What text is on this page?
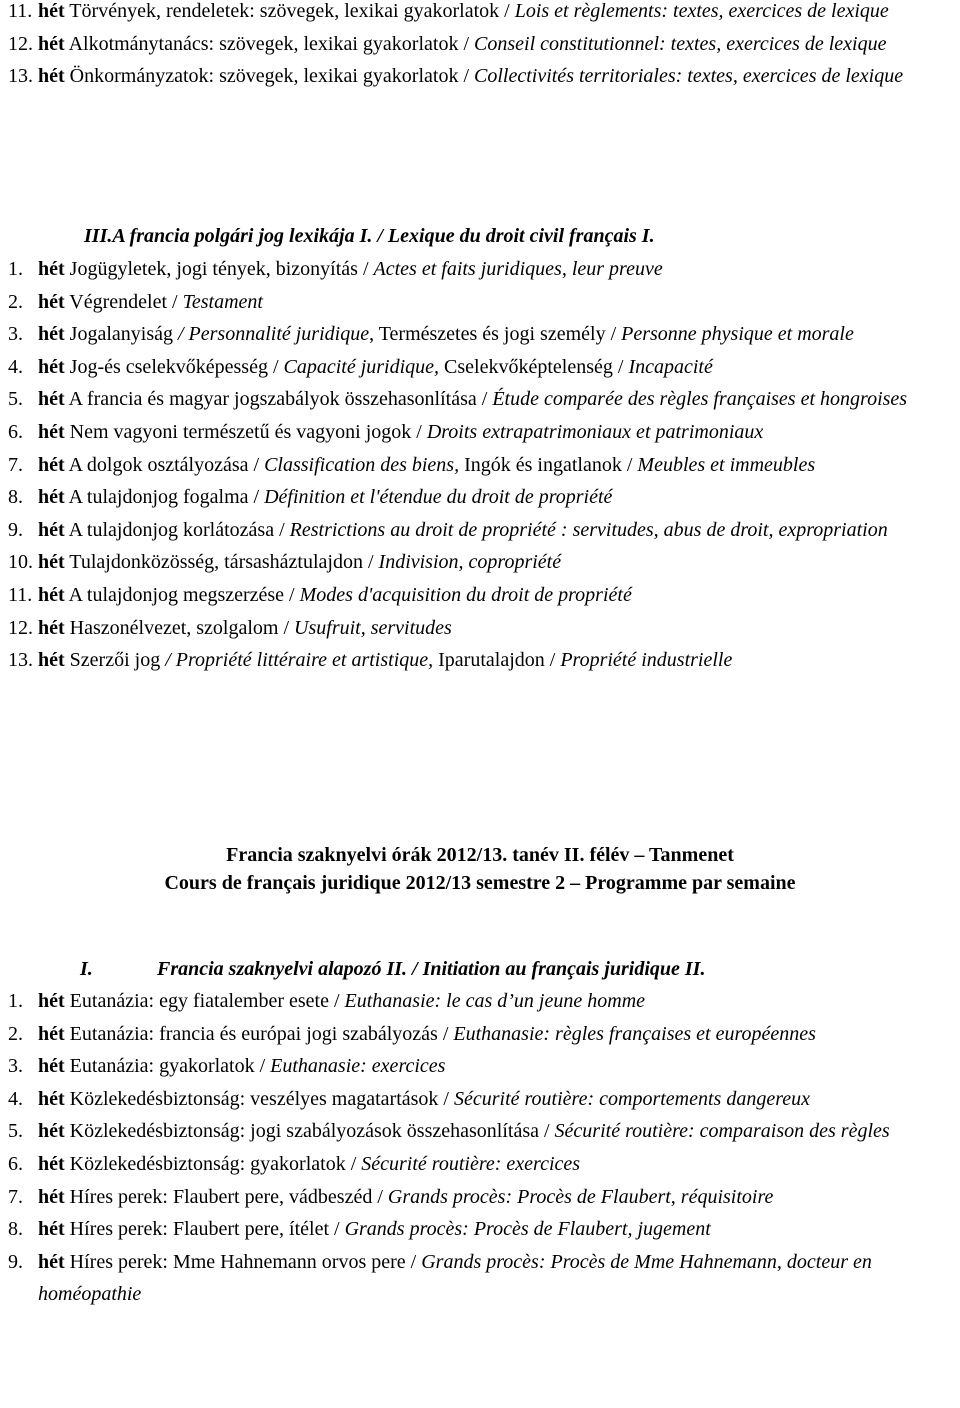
11. hét Törvények, rendeletek: szövegek, lexikai gyakorlatok / Lois et règlements: textes, exercices de lexique
12. hét Alkotmánytanács: szövegek, lexikai gyakorlatok / Conseil constitutionnel: textes, exercices de lexique
13. hét Önkormányzatok: szövegek, lexikai gyakorlatok / Collectivités territoriales: textes, exercices de lexique
III.A francia polgári jog lexikája I. / Lexique du droit civil français I.
1. hét Jogügyletek, jogi tények, bizonyítás / Actes et faits juridiques, leur preuve
2. hét Végrendelet / Testament
3. hét Jogalanyiság / Personnalité juridique, Természetes és jogi személy / Personne physique et morale
4. hét Jog-és cselekvőképesség / Capacité juridique, Cselekvőképtelenség / Incapacité
5. hét A francia és magyar jogszabályok összehasonlítása / Étude comparée des règles françaises et hongroises
6. hét Nem vagyoni természetű és vagyoni jogok / Droits extrapatrimoniaux et patrimoniaux
7. hét A dolgok osztályozása / Classification des biens, Ingók és ingatlanok / Meubles et immeubles
8. hét A tulajdonjog fogalma / Définition et l'étendue du droit de propriété
9. hét A tulajdonjog korlátozása / Restrictions au droit de propriété : servitudes, abus de droit, expropriation
10. hét Tulajdonközösség, társasháztulajdon / Indivision, copropriété
11. hét A tulajdonjog megszerzése / Modes d'acquisition du droit de propriété
12. hét Haszonélvezet, szolgalom / Usufruit, servitudes
13. hét Szerzői jog / Propriété littéraire et artistique, Iparutalajdon / Propriété industrielle
Francia szaknyelvi órák 2012/13. tanév II. félév – Tanmenet
Cours de français juridique 2012/13 semestre 2 – Programme par semaine
I.	Francia szaknyelvi alapozó II. / Initiation au français juridique II.
1. hét Eutanázia: egy fiatalember esete / Euthanasie: le cas d’un jeune homme
2. hét Eutanázia: francia és európai jogi szabályozás / Euthanasie: règles françaises et européennes
3. hét Eutanázia: gyakorlatok / Euthanasie: exercices
4. hét Közlekedésbiztonság: veszélyes magatartások / Sécurité routière: comportements dangereux
5. hét Közlekedésbiztonság: jogi szabályozások összehasonlítása / Sécurité routière: comparaison des règles
6. hét Közlekedésbiztonság: gyakorlatok / Sécurité routière: exercices
7. hét Híres perek: Flaubert pere, vádbeszéd / Grands procès: Procès de Flaubert, réquisitoire
8. hét Híres perek: Flaubert pere, ítélet / Grands procès: Procès de Flaubert, jugement
9. hét Híres perek: Mme Hahnemann orvos pere / Grands procès: Procès de Mme Hahnemann, docteur en homéopathie
